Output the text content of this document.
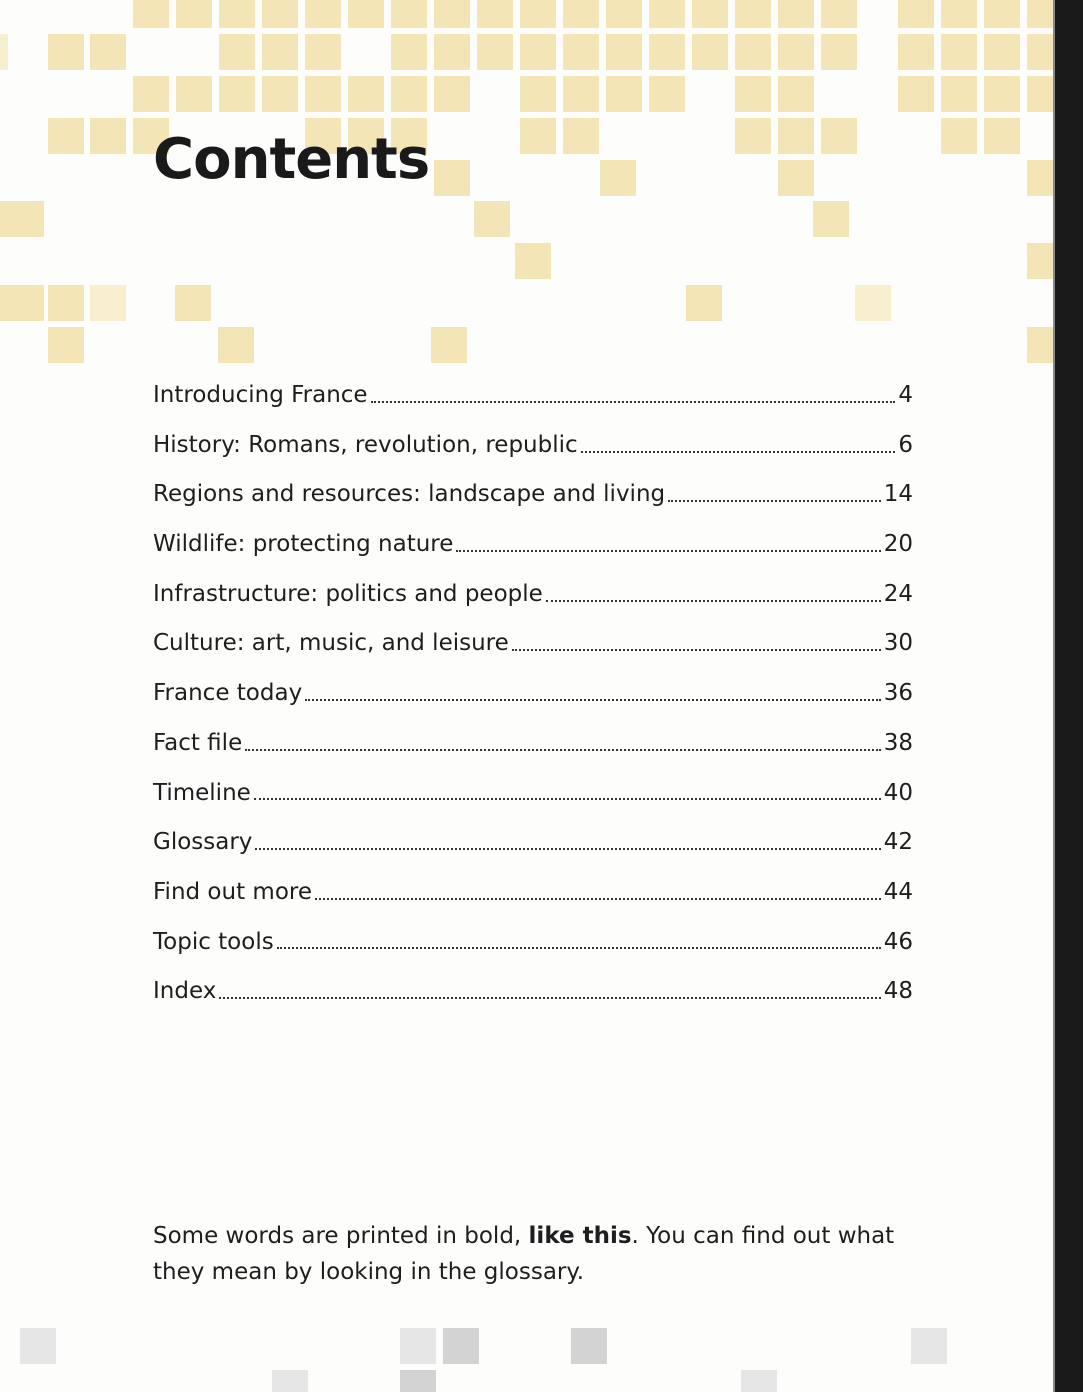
Contents
Introducing France	4
History: Romans, revolution, republic	6
Regions and resources: landscape and living	14
Wildlife: protecting nature	20
Infrastructure: politics and people	24
Culture: art, music, and leisure	30
France today	36
Fact file	38
Timeline	40
Glossary	42
Find out more	44
Topic tools	46
Index	48

Some words are printed in bold, like this. You can find out what they mean by looking in the glossary.
